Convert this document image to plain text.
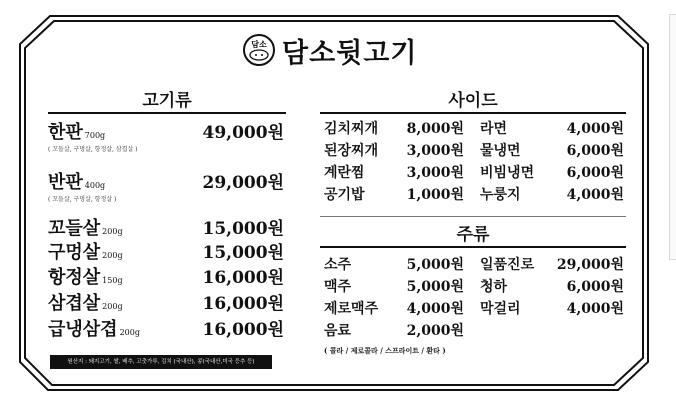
담소 담소뒷고기
고기류
한판 700g	49,000원
( 꼬들살, 구멍살, 항정살, 삼겹살 )
반판 400g	29,000원
( 꼬들살, 구멍살, 항정살 )
꼬들살 200g	15,000원
구멍살 200g	15,000원
항정살 150g	16,000원
삼겹살 200g	16,000원
급냉삼겹 200g	16,000원
원산지 : 돼지고기, 쌀, 배추, 고춧가루, 김치 (국내산), 콩(국내산,미국 등추 등)
사이드
김치찌개 8,000원 라면	4,000원
된장찌개 3,000원 물냉면	6,000원
계란찜	3,000원 비빔냉면 6,000원
공기밥	1,000원 누룽지	4,000원
주류
소주	5,000원 일품진로 29,000원
맥주	5,000원 청하	6,000원
제로맥주 4,000원 막걸리	4,000원
음료	2,000원
( 콜라 / 제로콜라 / 스프라이트 / 환타 )
